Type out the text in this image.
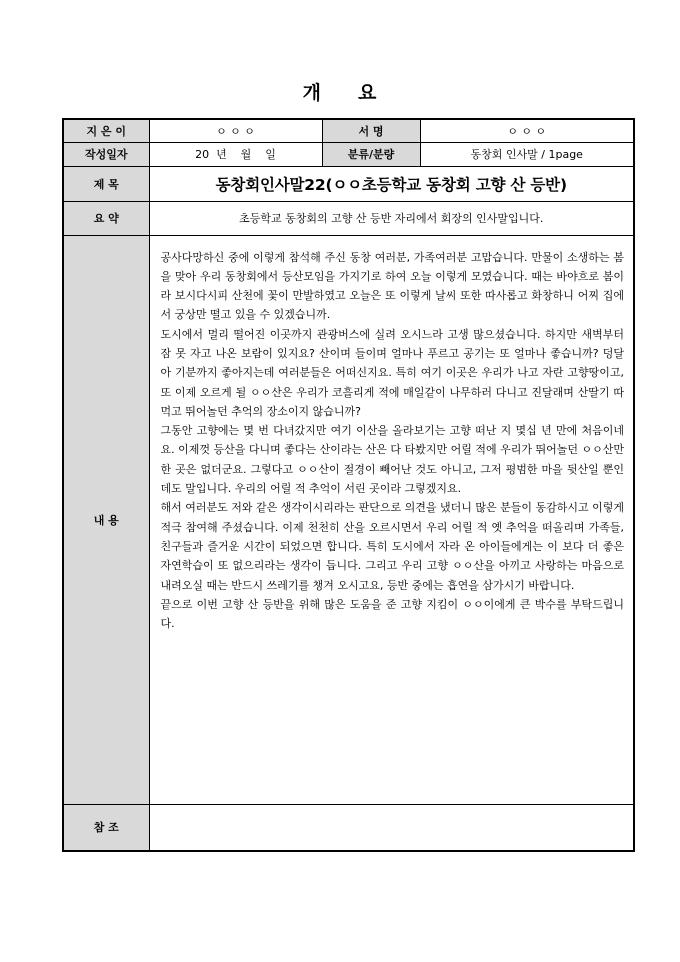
개 요
지 은 이	ㅇ ㅇ ㅇ	서 명	ㅇ ㅇ ㅇ
작성일자	20  년    월    일	분류/분량	동창회 인사말 / 1page
제 목	동창회인사말22(ㅇㅇ초등학교 동창회 고향 산 등반)		
요 약	초등학교 동창회의 고향 산 등반 자리에서 회장의 인사말입니다.		
내 용	공사다망하신 중에 이렇게 참석해 주신 동창 여러분, 가족여러분 고맙습니다. 만물이 소생하는 봄을 맞아 우리 동창회에서 등산모임을 가지기로 하여 오늘 이렇게 모였습니다. 때는 바야흐로 봄이라 보시다시피 산천에 꽃이 만발하였고 오늘은 또 이렇게 날씨 또한 따사롭고 화창하니 어찌 집에서 궁상만 떨고 있을 수 있겠습니까.

도시에서 멀리 떨어진 이곳까지 관광버스에 실려 오시느라 고생 많으셨습니다. 하지만 새벽부터 잠 못 자고 나온 보람이 있지요? 산이며 들이며 얼마나 푸르고 공기는 또 얼마나 좋습니까? 덩달아 기분까지 좋아지는데 여러분들은 어떠신지요. 특히 여기 이곳은 우리가 나고 자란 고향땅이고, 또 이제 오르게 될 ㅇㅇ산은 우리가 코흘리게 적에 매일같이 나무하러 다니고 진달래며 산딸기 따먹고 뛰어놀던 추억의 장소이지 않습니까?

그동안 고향에는 몇 번 다녀갔지만 여기 이산을 올라보기는 고향 떠난 지 몇십 년 만에 처음이네요. 이제껏 등산을 다니며 좋다는 산이라는 산은 다 타봤지만 어릴 적에 우리가 뛰어놀던 ㅇㅇ산만한 곳은 없더군요. 그렇다고 ㅇㅇ산이 절경이 빼어난 것도 아니고, 그저 평범한 마을 뒷산일 뿐인데도 말입니다. 우리의 어릴 적 추억이 서린 곳이라 그렇겠지요.

해서 여러분도 저와 같은 생각이시리라는 판단으로 의견을 냈더니 많은 분들이 동감하시고 이렇게 적극 참여해 주셨습니다. 이제 천천히 산을 오르시면서 우리 어릴 적 옛 추억을 떠올리며 가족들, 친구들과 즐거운 시간이 되었으면 합니다. 특히 도시에서 자라 온 아이들에게는 이 보다 더 좋은 자연학습이 또 없으리라는 생각이 듭니다. 그리고 우리 고향 ㅇㅇ산을 아끼고 사랑하는 마음으로 내려오실 때는 반드시 쓰레기를 챙겨 오시고요, 등반 중에는 흡연을 삼가시기 바랍니다.

끝으로 이번 고향 산 등반을 위해 많은 도움을 준 고향 지킴이 ㅇㅇ이에게 큰 박수를 부탁드립니다.		

참 조			
